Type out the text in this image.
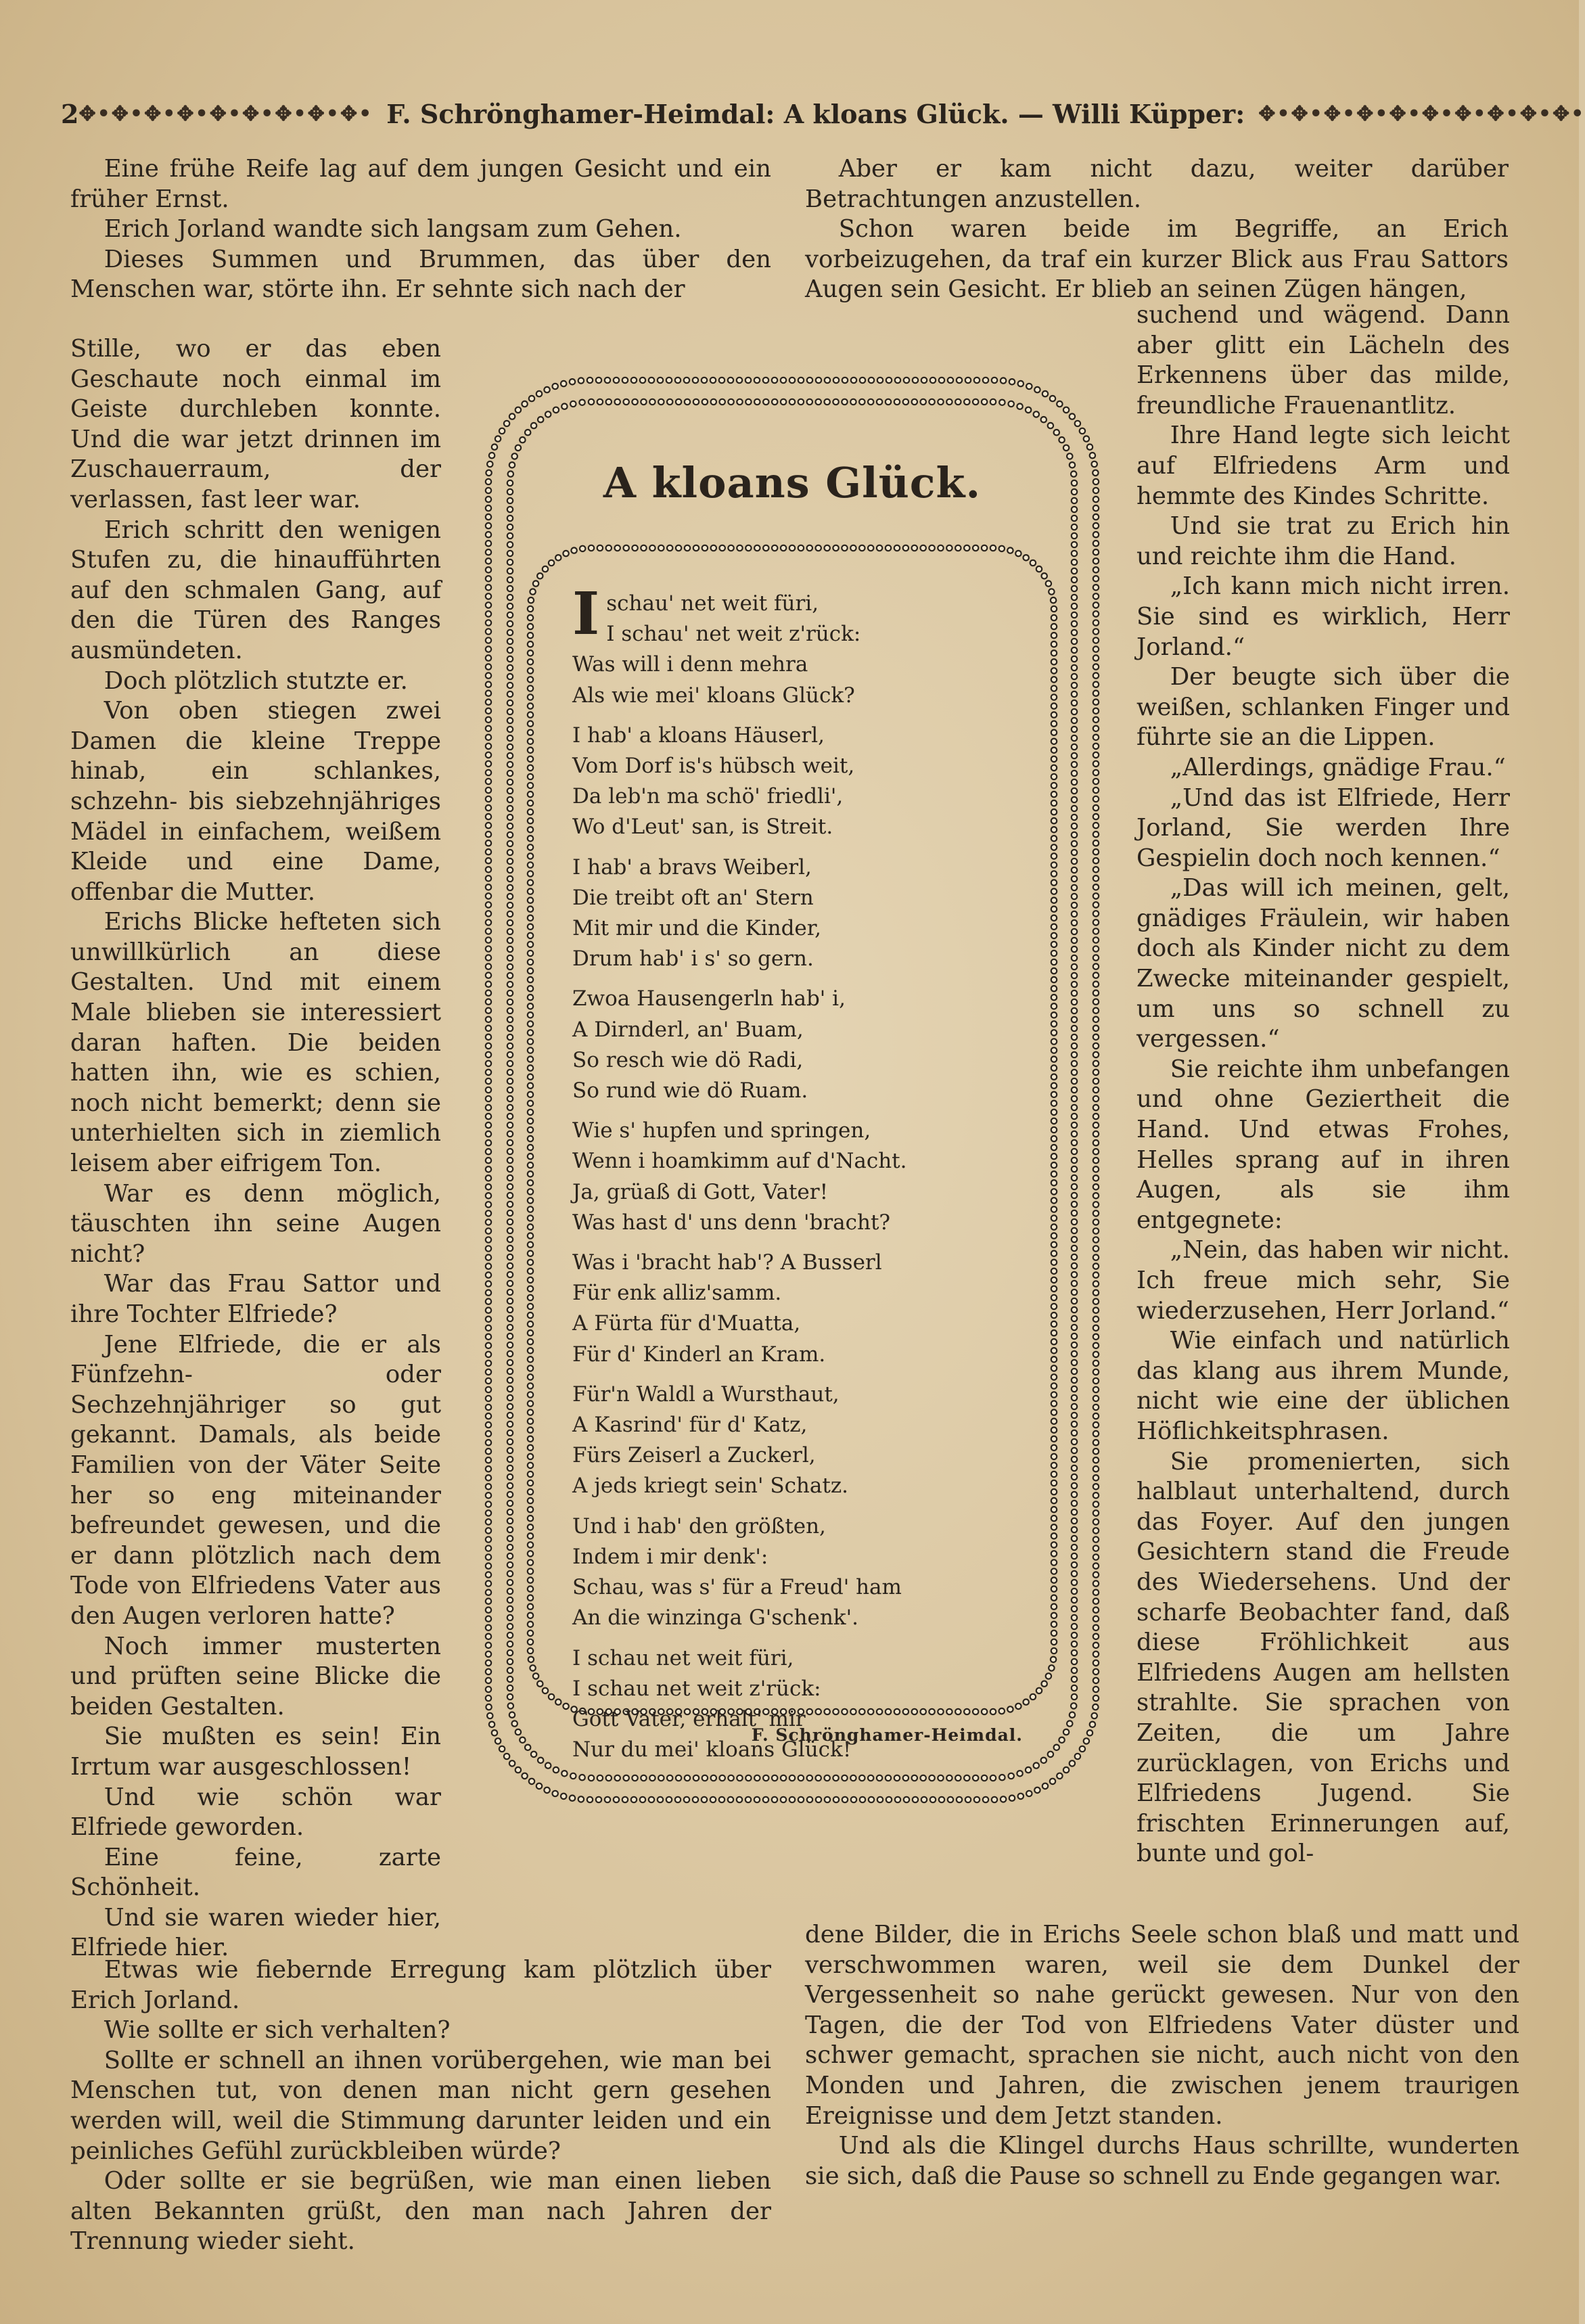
2 ✥•✥•✥•✥•✥•✥•✥•✥•✥• F. Schrönghamer-Heimdal: A kloans Glück. — Willi Küpper: ✥•✥•✥•✥•✥•✥•✥•✥•✥•✥•

Eine frühe Reife lag auf dem jungen Gesicht und ein früher Ernst.

Erich Jorland wandte sich langsam zum Gehen.

Dieses Summen und Brummen, das über den Menschen war, störte ihn. Er sehnte sich nach der

Stille, wo er das eben Geschaute noch einmal im Geiste durchleben konnte. Und die war jetzt drinnen im Zuschauerraum, der verlassen, fast leer war.

Erich schritt den wenigen Stufen zu, die hinaufführten auf den schmalen Gang, auf den die Türen des Ranges ausmündeten.

Doch plötzlich stutzte er.

Von oben stiegen zwei Damen die kleine Treppe hinab, ein schlankes, schzehn- bis siebzehnjähriges Mädel in einfachem, weißem Kleide und eine Dame, offenbar die Mutter.

Erichs Blicke hefteten sich unwillkürlich an diese Gestalten. Und mit einem Male blieben sie interessiert daran haften. Die beiden hatten ihn, wie es schien, noch nicht bemerkt; denn sie unterhielten sich in ziemlich leisem aber eifrigem Ton.

War es denn möglich, täuschten ihn seine Augen nicht?

War das Frau Sattor und ihre Tochter Elfriede?

Jene Elfriede, die er als Fünfzehn- oder Sechzehnjähriger so gut gekannt. Damals, als beide Familien von der Väter Seite her so eng miteinander befreundet gewesen, und die er dann plötzlich nach dem Tode von Elfriedens Vater aus den Augen verloren hatte?

Noch immer musterten und prüften seine Blicke die beiden Gestalten.

Sie mußten es sein! Ein Irrtum war ausgeschlossen!

Und wie schön war Elfriede geworden.

Eine feine, zarte Schönheit.

Und sie waren wieder hier, Elfriede hier.

Etwas wie fiebernde Erregung kam plötzlich über Erich Jorland.

Wie sollte er sich verhalten?

Sollte er schnell an ihnen vorübergehen, wie man bei Menschen tut, von denen man nicht gern gesehen werden will, weil die Stimmung darunter leiden und ein peinliches Gefühl zurückbleiben würde?

Oder sollte er sie begrüßen, wie man einen lieben alten Bekannten grüßt, den man nach Jahren der Trennung wieder sieht.

Aber er kam nicht dazu, weiter darüber Betrachtungen anzustellen.

Schon waren beide im Begriffe, an Erich vorbeizugehen, da traf ein kurzer Blick aus Frau Sattors Augen sein Gesicht. Er blieb an seinen Zügen hängen,

suchend und wägend. Dann aber glitt ein Lächeln des Erkennens über das milde, freundliche Frauenantlitz.

Ihre Hand legte sich leicht auf Elfriedens Arm und hemmte des Kindes Schritte.

Und sie trat zu Erich hin und reichte ihm die Hand.

„Ich kann mich nicht irren. Sie sind es wirklich, Herr Jorland.“

Der beugte sich über die weißen, schlanken Finger und führte sie an die Lippen.

„Allerdings, gnädige Frau.“

„Und das ist Elfriede, Herr Jorland, Sie werden Ihre Gespielin doch noch kennen.“

„Das will ich meinen, gelt, gnädiges Fräulein, wir haben doch als Kinder nicht zu dem Zwecke miteinander gespielt, um uns so schnell zu vergessen.“

Sie reichte ihm unbefangen und ohne Geziertheit die Hand. Und etwas Frohes, Helles sprang auf in ihren Augen, als sie ihm entgegnete:

„Nein, das haben wir nicht. Ich freue mich sehr, Sie wiederzusehen, Herr Jorland.“

Wie einfach und natürlich das klang aus ihrem Munde, nicht wie eine der üblichen Höflichkeitsphrasen.

Sie promenierten, sich halblaut unterhaltend, durch das Foyer. Auf den jungen Gesichtern stand die Freude des Wiedersehens. Und der scharfe Beobachter fand, daß diese Fröhlichkeit aus Elfriedens Augen am hellsten strahlte. Sie sprachen von Zeiten, die um Jahre zurücklagen, von Erichs und Elfriedens Jugend. Sie frischten Erinnerungen auf, bunte und gol-

dene Bilder, die in Erichs Seele schon blaß und matt und verschwommen waren, weil sie dem Dunkel der Vergessenheit so nahe gerückt gewesen. Nur von den Tagen, die der Tod von Elfriedens Vater düster und schwer gemacht, sprachen sie nicht, auch nicht von den Monden und Jahren, die zwischen jenem traurigen Ereignisse und dem Jetzt standen.

Und als die Klingel durchs Haus schrillte, wunderten sie sich, daß die Pause so schnell zu Ende gegangen war.

A kloans Glück.
I schau' net weit füri,
I schau' net weit z'rück:
Was will i denn mehra
Als wie mei' kloans Glück?
I hab' a kloans Häuserl,
Vom Dorf is's hübsch weit,
Da leb'n ma schö' friedli',
Wo d'Leut' san, is Streit.
I hab' a bravs Weiberl,
Die treibt oft an' Stern
Mit mir und die Kinder,
Drum hab' i s' so gern.
Zwoa Hausengerln hab' i,
A Dirnderl, an' Buam,
So resch wie dö Radi,
So rund wie dö Ruam.
Wie s' hupfen und springen,
Wenn i hoamkimm auf d'Nacht.
Ja, grüaß di Gott, Vater!
Was hast d' uns denn 'bracht?
Was i 'bracht hab'? A Busserl
Für enk alliz'samm.
A Fürta für d'Muatta,
Für d' Kinderl an Kram.
Für'n Waldl a Wursthaut,
A Kasrind' für d' Katz,
Fürs Zeiserl a Zuckerl,
A jeds kriegt sein' Schatz.
Und i hab' den größten,
Indem i mir denk':
Schau, was s' für a Freud' ham
An die winzinga G'schenk'.
I schau net weit füri,
I schau net weit z'rück:
Gott Vater, erhalt' mir
Nur du mei' kloans Glück!
F. Schrönghamer-Heimdal.
